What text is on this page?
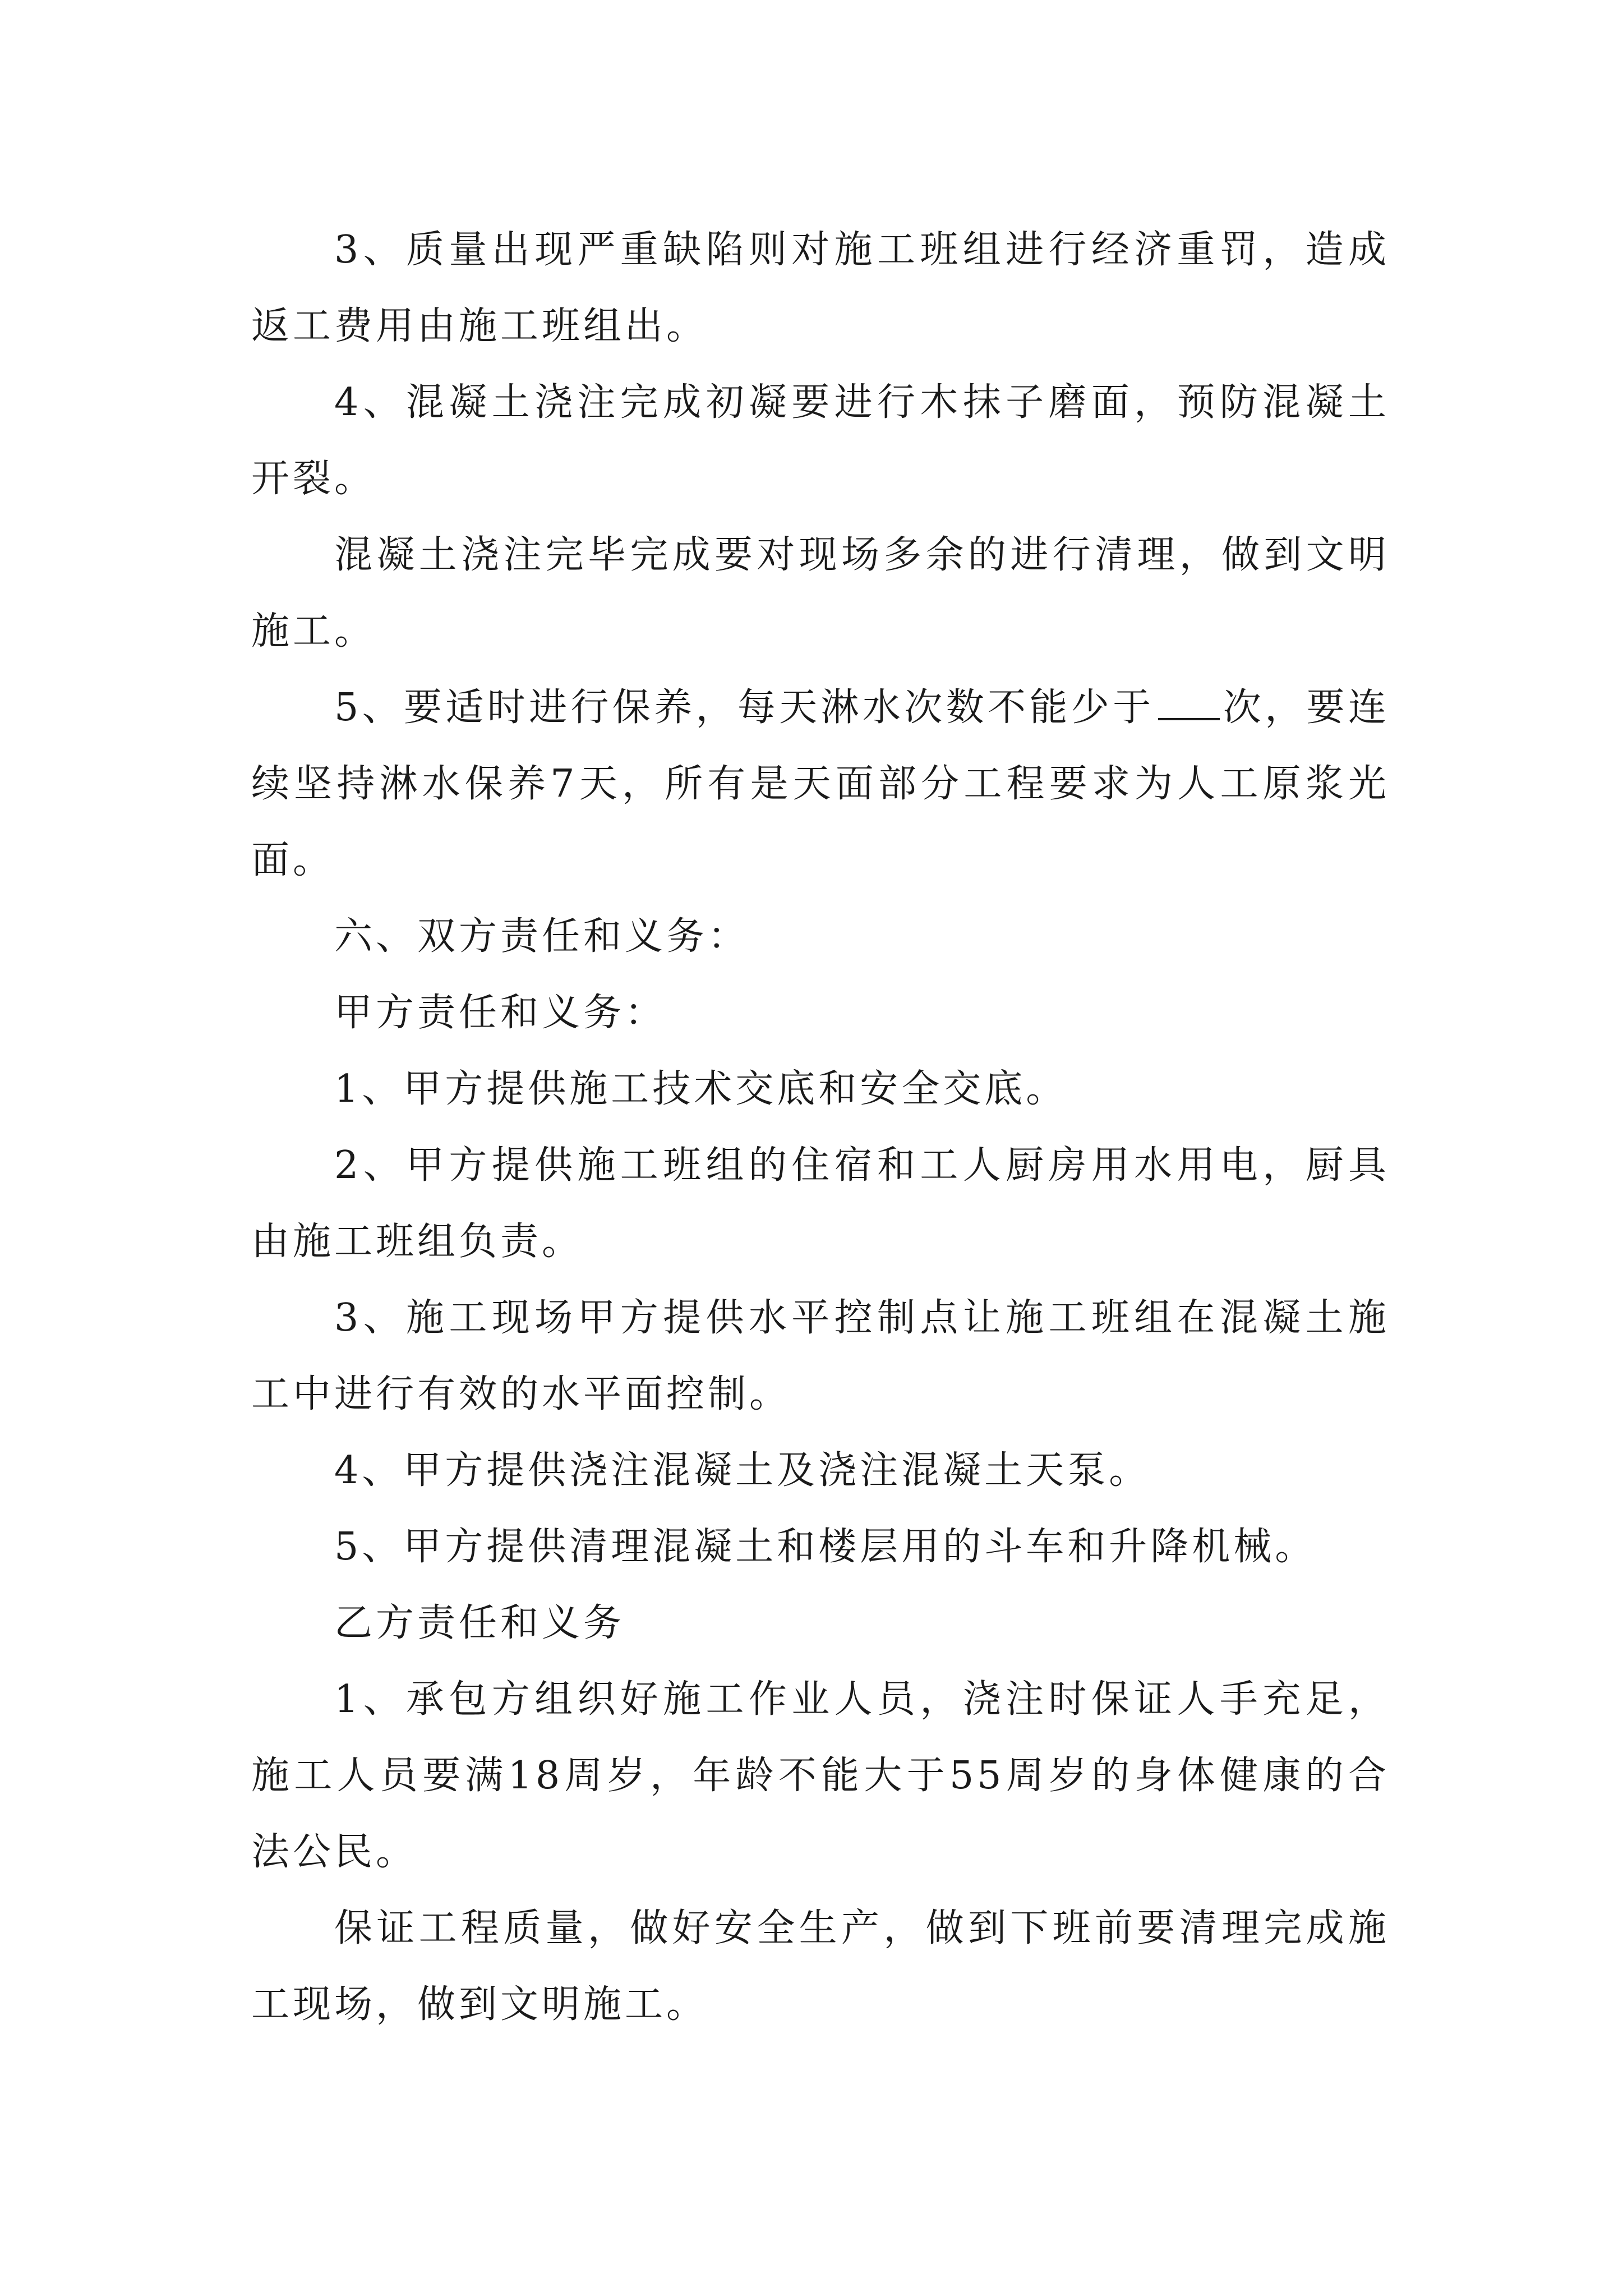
3、质量出现严重缺陷则对施工班组进行经济重罚，造成返工费用由施工班组出。

4、混凝土浇注完成初凝要进行木抹子磨面，预防混凝土开裂。

混凝土浇注完毕完成要对现场多余的进行清理，做到文明施工。

5、要适时进行保养，每天淋水次数不能少于 次，要连续坚持淋水保养7天，所有是天面部分工程要求为人工原浆光面。

六、双方责任和义务：

甲方责任和义务：

1、甲方提供施工技术交底和安全交底。

2、甲方提供施工班组的住宿和工人厨房用水用电，厨具由施工班组负责。

3、施工现场甲方提供水平控制点让施工班组在混凝土施工中进行有效的水平面控制。

4、甲方提供浇注混凝土及浇注混凝土天泵。

5、甲方提供清理混凝土和楼层用的斗车和升降机械。

乙方责任和义务

1、承包方组织好施工作业人员，浇注时保证人手充足，施工人员要满18周岁，年龄不能大于55周岁的身体健康的合法公民。

保证工程质量，做好安全生产，做到下班前要清理完成施工现场，做到文明施工。
